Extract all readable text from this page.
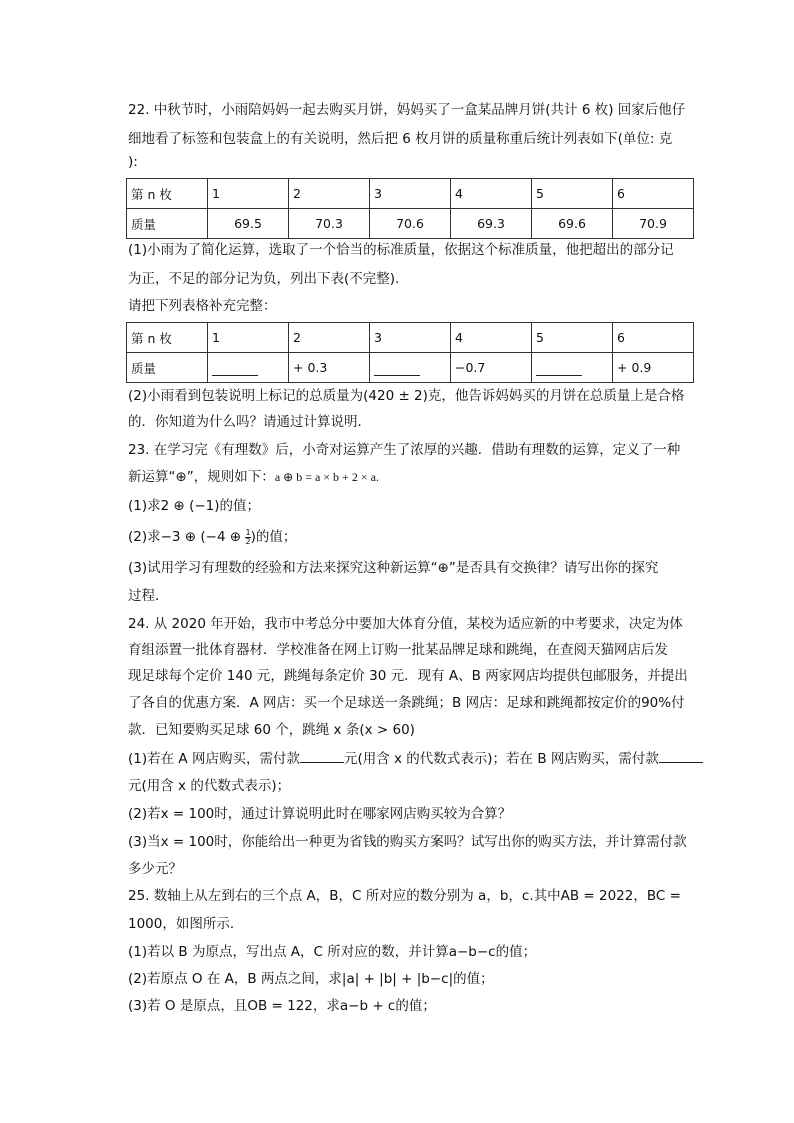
22. 中秋节时，小雨陪妈妈一起去购买月饼，妈妈买了一盒某品牌月饼(共计 6 枚) 回家后他仔
细地看了标签和包装盒上的有关说明，然后把 6 枚月饼的质量称重后统计列表如下(单位: 克
):
第 n 枚	1	2	3	4	5	6
质量	69.5	70.3	70.6	69.3	69.6	70.9
(1)小雨为了简化运算，选取了一个恰当的标准质量，依据这个标准质量，他把超出的部分记
为正，不足的部分记为负，列出下表(不完整).
请把下列表格补充完整：
第 n 枚	1	2	3	4	5	6
质量		+ 0.3		−0.7		+ 0.9
(2)小雨看到包装说明上标记的总质量为(420 ± 2)克，他告诉妈妈买的月饼在总质量上是合格
的．你知道为什么吗？请通过计算说明．
23. 在学习完《有理数》后，小奇对运算产生了浓厚的兴趣．借助有理数的运算，定义了一种
新运算“⊕”，规则如下：a ⊕ b = a × b + 2 × a.
(1)求2 ⊕ (−1)的值；
(2)求−3 ⊕ (−4 ⊕ $\frac{1}{2}$ )的值；
(3)试用学习有理数的经验和方法来探究这种新运算“⊕”是否具有交换律？请写出你的探究
过程．
24. 从 2020 年开始，我市中考总分中要加大体育分值，某校为适应新的中考要求，决定为体
育组添置一批体育器材．学校准备在网上订购一批某品牌足球和跳绳，在查阅天猫网店后发
现足球每个定价 140 元，跳绳每条定价 30 元．现有 A、B 两家网店均提供包邮服务，并提出
了各自的优惠方案．A 网店：买一个足球送一条跳绳；B 网店：足球和跳绳都按定价的90%付
款．已知要购买足球 60 个，跳绳 x 条(x > 60)
(1)若在 A 网店购买，需付款	元(用含 x 的代数式表示)；若在 B 网店购买，需付款
元(用含 x 的代数式表示)；
(2)若x = 100时，通过计算说明此时在哪家网店购买较为合算？
(3)当x = 100时，你能给出一种更为省钱的购买方案吗？试写出你的购买方法，并计算需付款
多少元？
25. 数轴上从左到右的三个点 A，B，C 所对应的数分别为 a，b，c.其中AB = 2022，BC =
1000，如图所示．
(1)若以 B 为原点，写出点 A，C 所对应的数，并计算a−b−c的值；
(2)若原点 O 在 A，B 两点之间，求|a| + |b| + |b−c|的值；
(3)若 O 是原点，且OB = 122，求a−b + c的值；
